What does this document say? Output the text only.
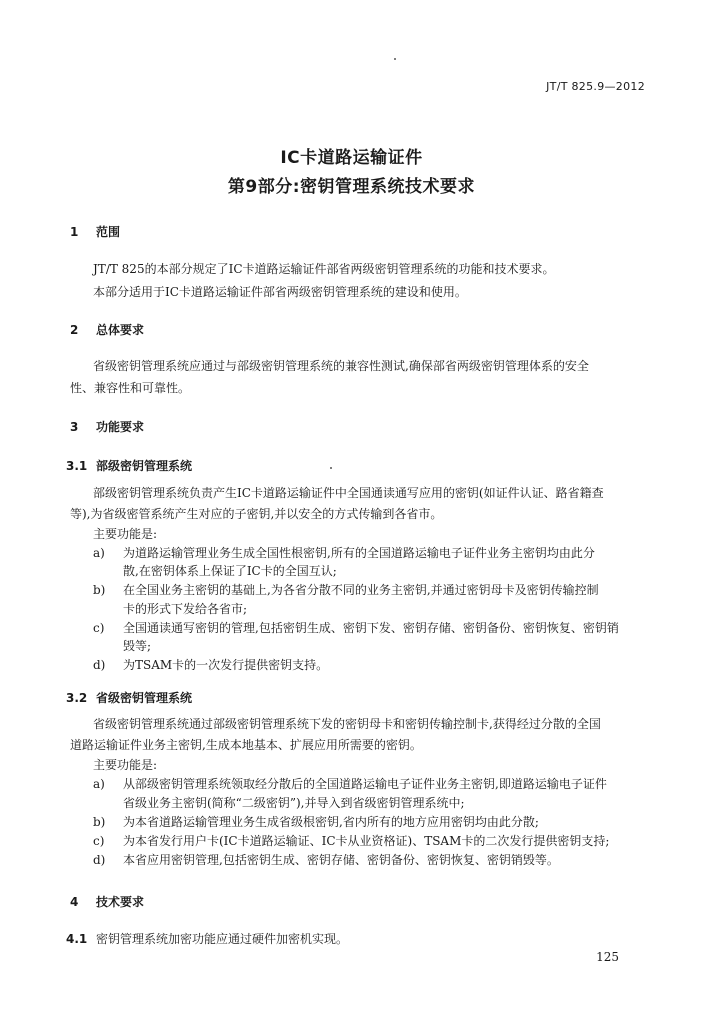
JT/T 825.9—2012
IC卡道路运输证件
第9部分:密钥管理系统技术要求
1 范围
JT/T 825的本部分规定了IC卡道路运输证件部省两级密钥管理系统的功能和技术要求。
本部分适用于IC卡道路运输证件部省两级密钥管理系统的建设和使用。
2 总体要求
省级密钥管理系统应通过与部级密钥管理系统的兼容性测试,确保部省两级密钥管理体系的安全
性、兼容性和可靠性。
3 功能要求
3.1 部级密钥管理系统
部级密钥管理系统负责产生IC卡道路运输证件中全国通读通写应用的密钥(如证件认证、路省籍查
等),为省级密管系统产生对应的子密钥,并以安全的方式传输到各省市。
主要功能是:
a) 为道路运输管理业务生成全国性根密钥,所有的全国道路运输电子证件业务主密钥均由此分
散,在密钥体系上保证了IC卡的全国互认;
b) 在全国业务主密钥的基础上,为各省分散不同的业务主密钥,并通过密钥母卡及密钥传输控制
卡的形式下发给各省市;
c) 全国通读通写密钥的管理,包括密钥生成、密钥下发、密钥存储、密钥备份、密钥恢复、密钥销
毁等;
d) 为TSAM卡的一次发行提供密钥支持。
3.2 省级密钥管理系统
省级密钥管理系统通过部级密钥管理系统下发的密钥母卡和密钥传输控制卡,获得经过分散的全国
道路运输证件业务主密钥,生成本地基本、扩展应用所需要的密钥。
主要功能是:
a) 从部级密钥管理系统领取经分散后的全国道路运输电子证件业务主密钥,即道路运输电子证件
省级业务主密钥(简称“二级密钥”),并导入到省级密钥管理系统中;
b) 为本省道路运输管理业务生成省级根密钥,省内所有的地方应用密钥均由此分散;
c) 为本省发行用户卡(IC卡道路运输证、IC卡从业资格证)、TSAM卡的二次发行提供密钥支持;
d) 本省应用密钥管理,包括密钥生成、密钥存储、密钥备份、密钥恢复、密钥销毁等。
4 技术要求
4.1 密钥管理系统加密功能应通过硬件加密机实现。
125
